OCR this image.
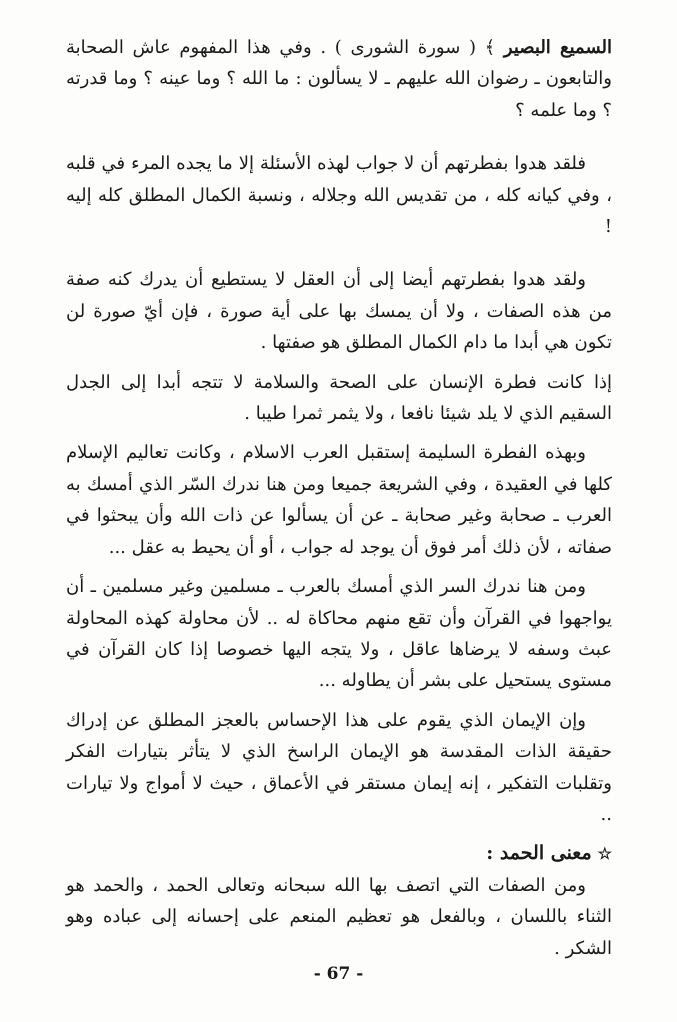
السميع البصير ﴾ ( سورة الشورى ) . وفي هذا المفهوم عاش الصحابة والتابعون ـ رضوان الله عليهم ـ لا يسألون : ما الله ؟ وما عينه ؟ وما قدرته ؟ وما علمه ؟

فلقد هدوا بفطرتهم أن لا جواب لهذه الأسئلة إلا ما يجده المرء في قلبه ، وفي كيانه كله ، من تقديس الله وجلاله ، ونسبة الكمال المطلق كله إليه !

ولقد هدوا بفطرتهم أيضا إلى أن العقل لا يستطيع أن يدرك كنه صفة من هذه الصفات ، ولا أن يمسك بها على أية صورة ، فإن أيّ صورة لن تكون هي أبدا ما دام الكمال المطلق هو صفتها .

إذا كانت فطرة الإنسان على الصحة والسلامة لا تتجه أبدا إلى الجدل السقيم الذي لا يلد شيئا نافعا ، ولا يثمر ثمرا طيبا .

وبهذه الفطرة السليمة إستقبل العرب الاسلام ، وكانت تعاليم الإسلام كلها في العقيدة ، وفي الشريعة جميعا ومن هنا ندرك السّر الذي أمسك به العرب ـ صحابة وغير صحابة ـ عن أن يسألوا عن ذات الله وأن يبحثوا في صفاته ، لأن ذلك أمر فوق أن يوجد له جواب ، أو أن يحيط به عقل ...

ومن هنا ندرك السر الذي أمسك بالعرب ـ مسلمين وغير مسلمين ـ أن يواجهوا في القرآن وأن تقع منهم محاكاة له .. لأن محاولة كهذه المحاولة عبث وسفه لا يرضاها عاقل ، ولا يتجه اليها خصوصا إذا كان القرآن في مستوى يستحيل على بشر أن يطاوله ...

وإن الإيمان الذي يقوم على هذا الإحساس بالعجز المطلق عن إدراك حقيقة الذات المقدسة هو الإيمان الراسخ الذي لا يتأثر بتيارات الفكر وتقلبات التفكير ، إنه إيمان مستقر في الأعماق ، حيث لا أمواج ولا تيارات ..

☆معنى الحمد :

ومن الصفات التي اتصف بها الله سبحانه وتعالى الحمد ، والحمد هو الثناء باللسان ، وبالفعل هو تعظيم المنعم على إحسانه إلى عباده وهو الشكر .

- 67 -
